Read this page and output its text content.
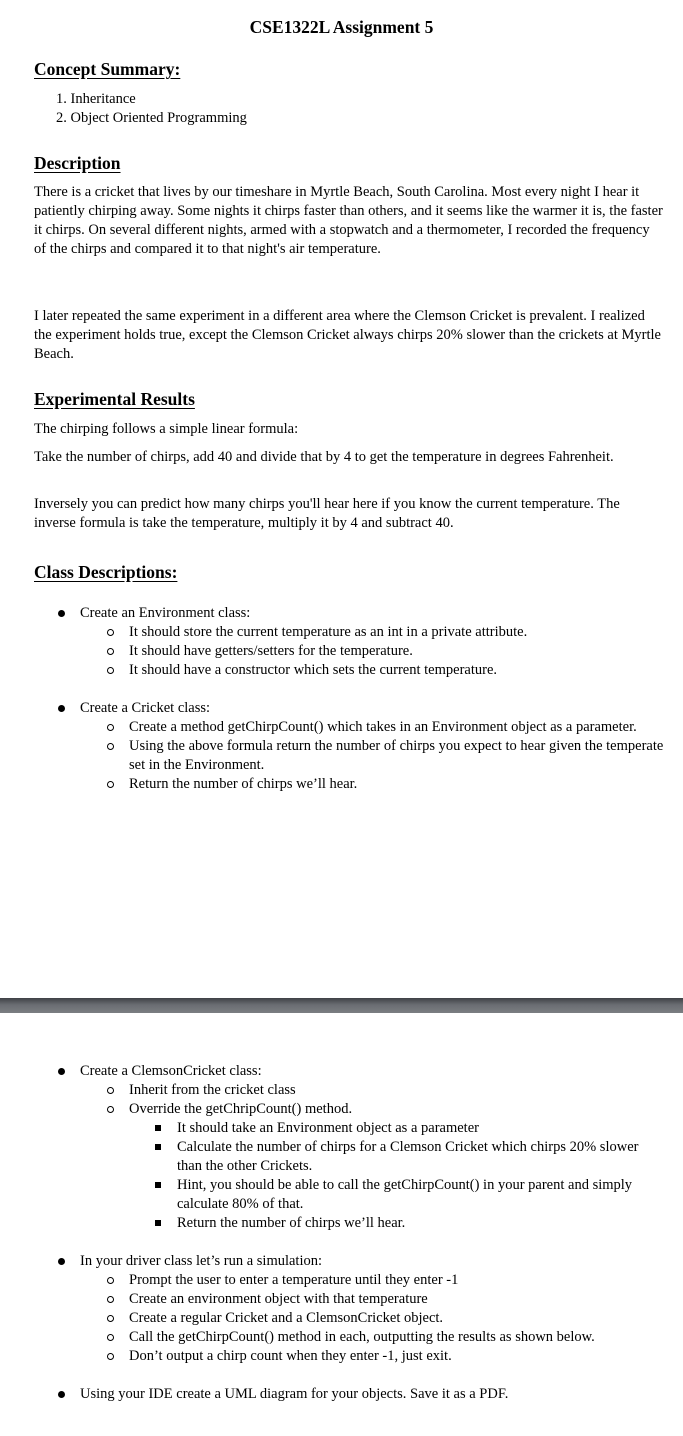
CSE1322L Assignment 5
Concept Summary:
1. Inheritance
2. Object Oriented Programming
Description

There is a cricket that lives by our timeshare in Myrtle Beach, South Carolina. Most every night I hear it patiently chirping away. Some nights it chirps faster than others, and it seems like the warmer it is, the faster it chirps. On several different nights, armed with a stopwatch and a thermometer, I recorded the frequency of the chirps and compared it to that night's air temperature.

I later repeated the same experiment in a different area where the Clemson Cricket is prevalent. I realized the experiment holds true, except the Clemson Cricket always chirps 20% slower than the crickets at Myrtle Beach.

Experimental Results

The chirping follows a simple linear formula:

Take the number of chirps, add 40 and divide that by 4 to get the temperature in degrees Fahrenheit.

Inversely you can predict how many chirps you'll hear here if you know the current temperature. The inverse formula is take the temperature, multiply it by 4 and subtract 40.

Class Descriptions:
Create an Environment class:
It should store the current temperature as an int in a private attribute.
It should have getters/setters for the temperature.
It should have a constructor which sets the current temperature.
Create a Cricket class:
Create a method getChirpCount() which takes in an Environment object as a parameter.
Using the above formula return the number of chirps you expect to hear given the temperate set in the Environment.
Return the number of chirps we’ll hear.
Create a ClemsonCricket class:
Inherit from the cricket class
Override the getChripCount() method.
It should take an Environment object as a parameter
Calculate the number of chirps for a Clemson Cricket which chirps 20% slower than the other Crickets.
Hint, you should be able to call the getChirpCount() in your parent and simply calculate 80% of that.
Return the number of chirps we’ll hear.
In your driver class let’s run a simulation:
Prompt the user to enter a temperature until they enter -1
Create an environment object with that temperature
Create a regular Cricket and a ClemsonCricket object.
Call the getChirpCount() method in each, outputting the results as shown below.
Don’t output a chirp count when they enter -1, just exit.
Using your IDE create a UML diagram for your objects. Save it as a PDF.
